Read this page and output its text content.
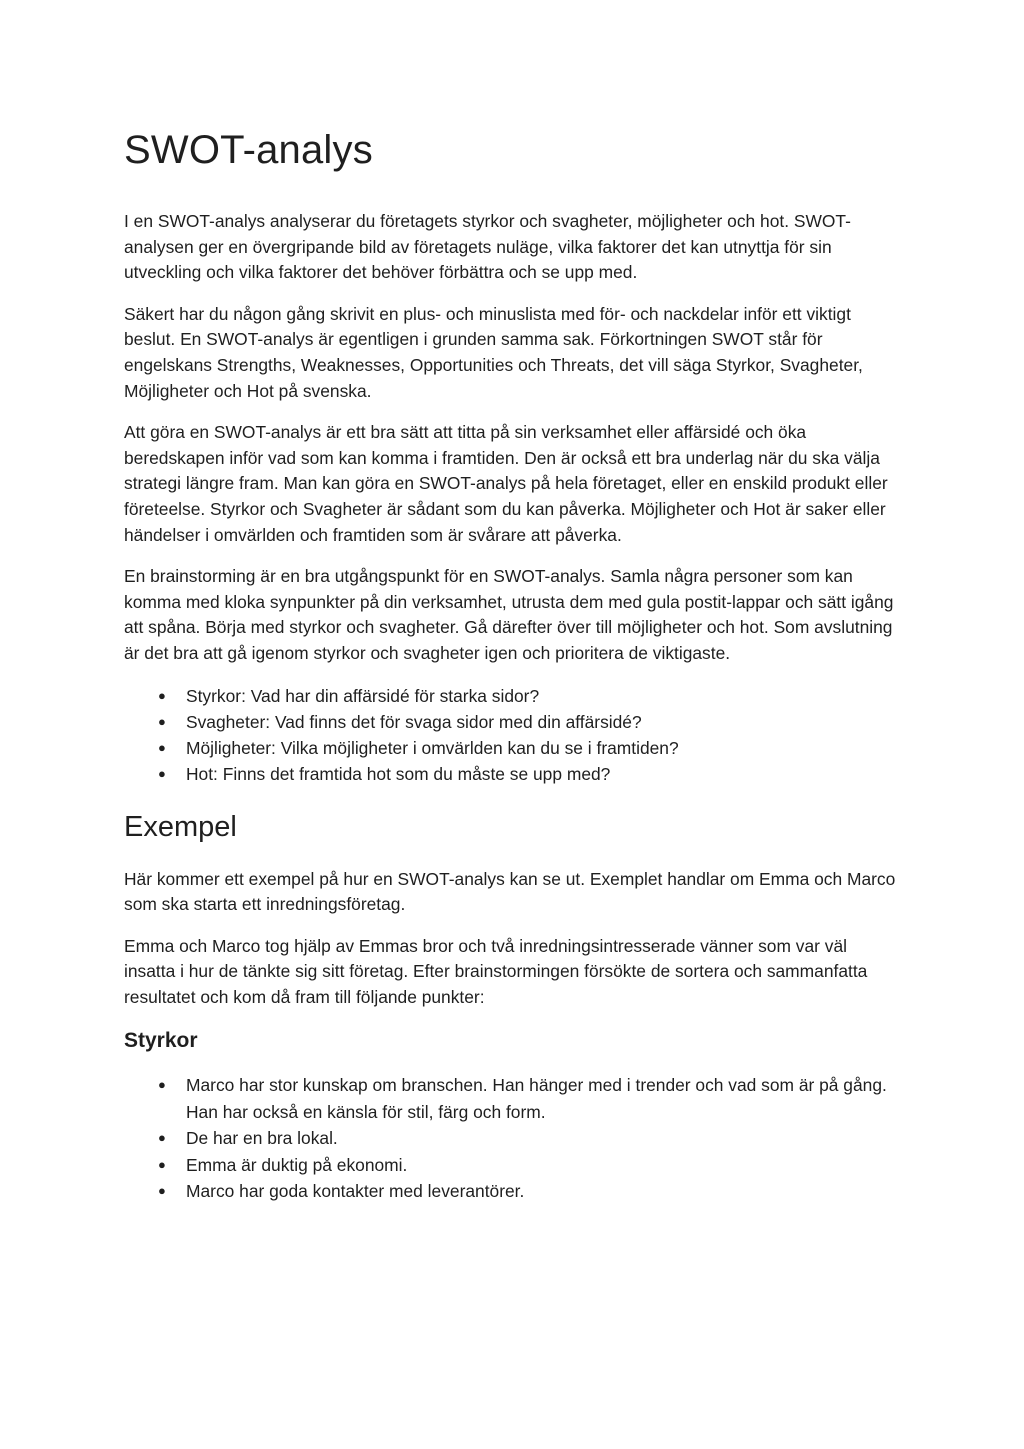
SWOT-analys

I en SWOT-analys analyserar du företagets styrkor och svagheter, möjligheter och hot. SWOT-analysen ger en övergripande bild av företagets nuläge, vilka faktorer det kan utnyttja för sin utveckling och vilka faktorer det behöver förbättra och se upp med.

Säkert har du någon gång skrivit en plus- och minuslista med för- och nackdelar inför ett viktigt beslut. En SWOT-analys är egentligen i grunden samma sak. Förkortningen SWOT står för engelskans Strengths, Weaknesses, Opportunities och Threats, det vill säga Styrkor, Svagheter, Möjligheter och Hot på svenska.

Att göra en SWOT-analys är ett bra sätt att titta på sin verksamhet eller affärsidé och öka beredskapen inför vad som kan komma i framtiden. Den är också ett bra underlag när du ska välja strategi längre fram. Man kan göra en SWOT-analys på hela företaget, eller en enskild produkt eller företeelse. Styrkor och Svagheter är sådant som du kan påverka. Möjligheter och Hot är saker eller händelser i omvärlden och framtiden som är svårare att påverka.

En brainstorming är en bra utgångspunkt för en SWOT-analys. Samla några personer som kan komma med kloka synpunkter på din verksamhet, utrusta dem med gula postit-lappar och sätt igång att spåna. Börja med styrkor och svagheter. Gå därefter över till möjligheter och hot. Som avslutning är det bra att gå igenom styrkor och svagheter igen och prioritera de viktigaste.

● Styrkor: Vad har din affärsidé för starka sidor?
● Svagheter: Vad finns det för svaga sidor med din affärsidé?
● Möjligheter: Vilka möjligheter i omvärlden kan du se i framtiden?
● Hot: Finns det framtida hot som du måste se upp med?
Exempel

Här kommer ett exempel på hur en SWOT-analys kan se ut. Exemplet handlar om Emma och Marco som ska starta ett inredningsföretag.

Emma och Marco tog hjälp av Emmas bror och två inredningsintresserade vänner som var väl insatta i hur de tänkte sig sitt företag. Efter brainstormingen försökte de sortera och sammanfatta resultatet och kom då fram till följande punkter:

Styrkor
● Marco har stor kunskap om branschen. Han hänger med i trender och vad som är på gång. Han har också en känsla för stil, färg och form.
● De har en bra lokal.
● Emma är duktig på ekonomi.
● Marco har goda kontakter med leverantörer.
